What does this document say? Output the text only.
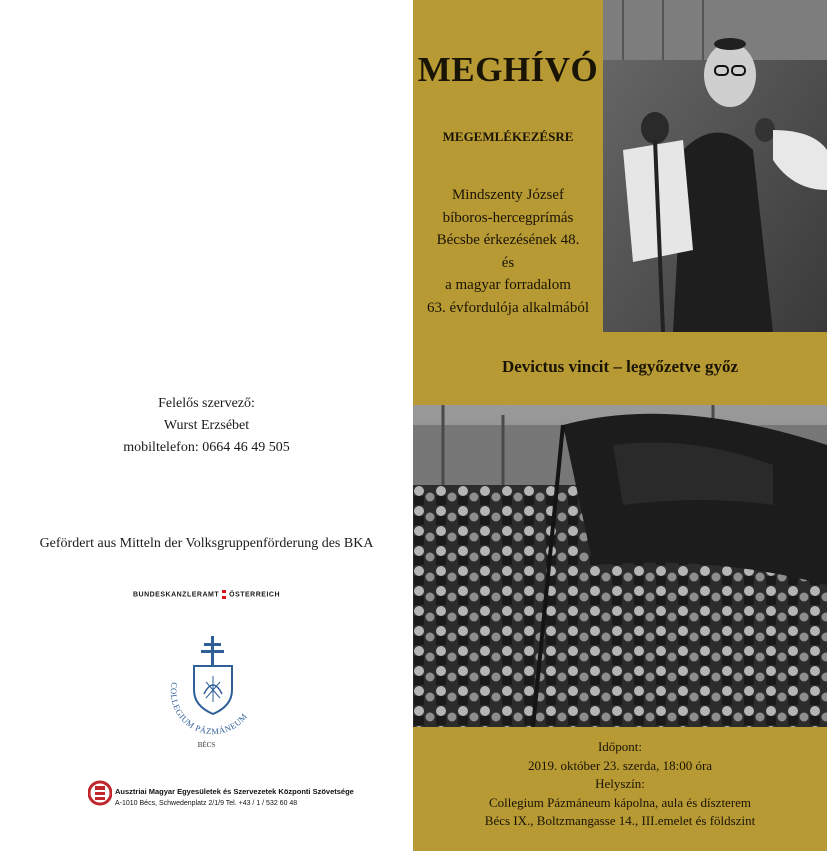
Felelős szervező:
Wurst Erzsébet
mobiltelefon: 0664 46 49 505
Gefördert aus Mitteln der Volksgruppenförderung des BKA
BUNDESKANZLERAMT ÖSTERREICH
COLLEGIUM PÁZMÁNEUM
BÉCS
Ausztriai Magyar Egyesületek és Szervezetek Központi Szövetsége
A-1010 Bécs, Schwedenplatz 2/1/9 Tel. +43 / 1 / 532 60 48
MEGHÍVÓ
MEGEMLÉKEZÉSRE
Mindszenty József
bíboros-hercegprímás
Bécsbe érkezésének 48.
és
a magyar forradalom
63. évfordulója alkalmából
Devictus vincit – legyőzetve győz
Időpont:
2019. október 23. szerda, 18:00 óra
Helyszín:
Collegium Pázmáneum kápolna, aula és díszterem
Bécs IX., Boltzmangasse 14., III.emelet és földszint
